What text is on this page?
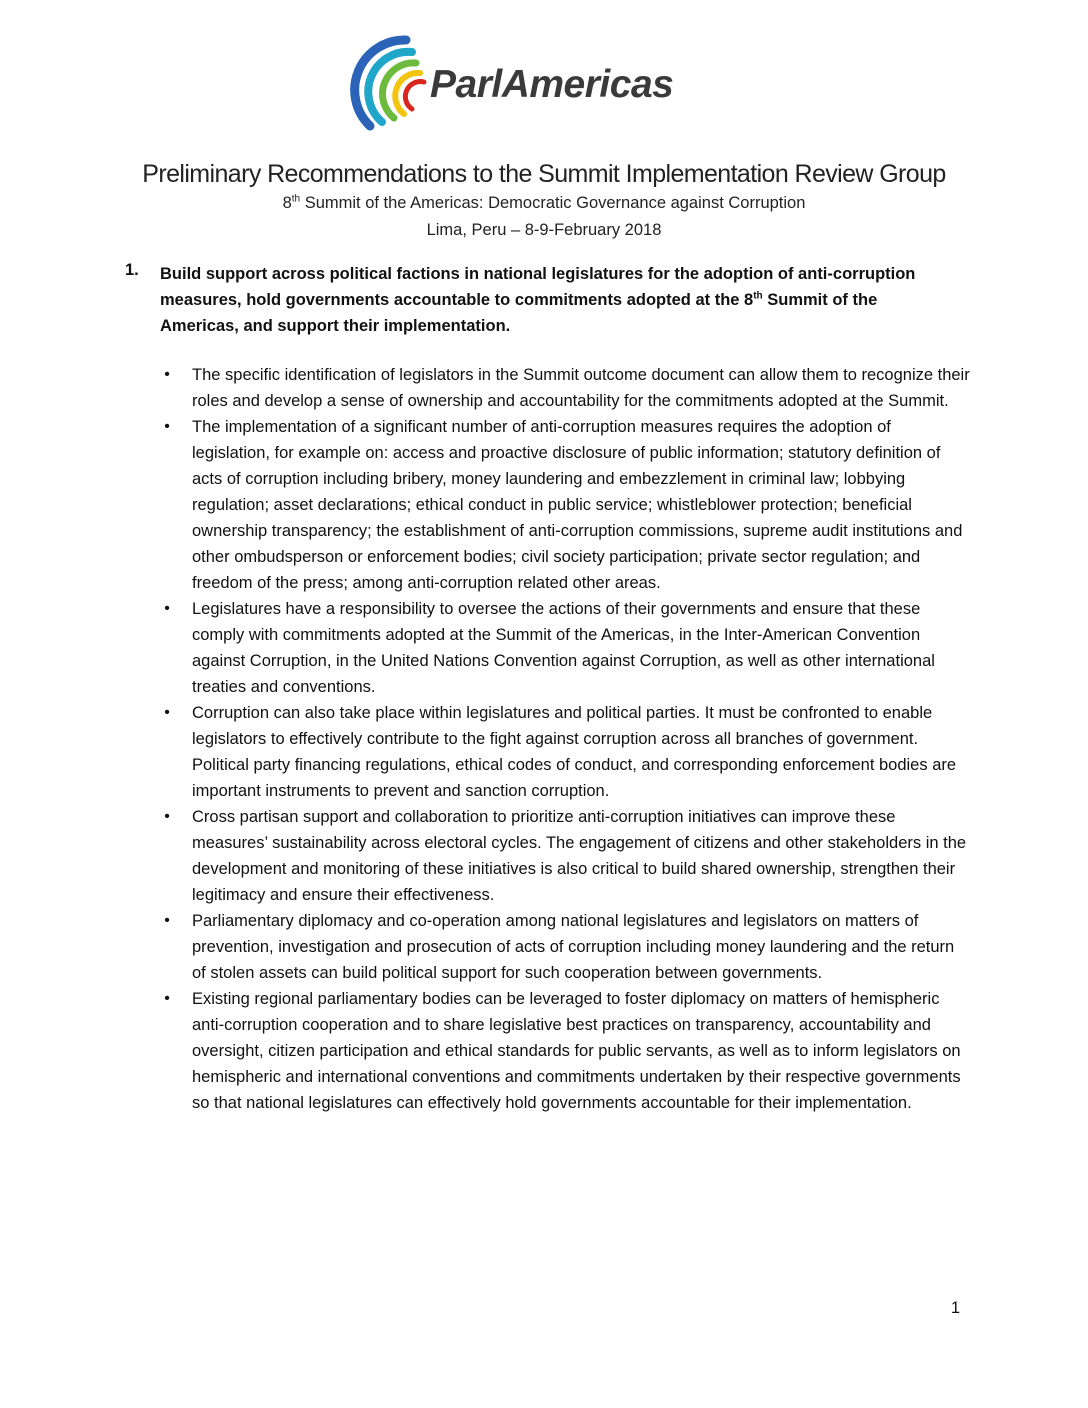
ParlAmericas
Preliminary Recommendations to the Summit Implementation Review Group
8th Summit of the Americas: Democratic Governance against Corruption
Lima, Peru – 8-9-February 2018
1. Build support across political factions in national legislatures for the adoption of anti-corruption measures, hold governments accountable to commitments adopted at the 8th Summit of the Americas, and support their implementation.
• The specific identification of legislators in the Summit outcome document can allow them to recognize their roles and develop a sense of ownership and accountability for the commitments adopted at the Summit.
• The implementation of a significant number of anti-corruption measures requires the adoption of legislation, for example on: access and proactive disclosure of public information; statutory definition of acts of corruption including bribery, money laundering and embezzlement in criminal law; lobbying regulation; asset declarations; ethical conduct in public service; whistleblower protection; beneficial ownership transparency; the establishment of anti-corruption commissions, supreme audit institutions and other ombudsperson or enforcement bodies; civil society participation; private sector regulation; and freedom of the press; among anti-corruption related other areas.
• Legislatures have a responsibility to oversee the actions of their governments and ensure that these comply with commitments adopted at the Summit of the Americas, in the Inter-American Convention against Corruption, in the United Nations Convention against Corruption, as well as other international treaties and conventions.
• Corruption can also take place within legislatures and political parties. It must be confronted to enable legislators to effectively contribute to the fight against corruption across all branches of government. Political party financing regulations, ethical codes of conduct, and corresponding enforcement bodies are important instruments to prevent and sanction corruption.
• Cross partisan support and collaboration to prioritize anti-corruption initiatives can improve these measures’ sustainability across electoral cycles. The engagement of citizens and other stakeholders in the development and monitoring of these initiatives is also critical to build shared ownership, strengthen their legitimacy and ensure their effectiveness.
• Parliamentary diplomacy and co-operation among national legislatures and legislators on matters of prevention, investigation and prosecution of acts of corruption including money laundering and the return of stolen assets can build political support for such cooperation between governments.
• Existing regional parliamentary bodies can be leveraged to foster diplomacy on matters of hemispheric anti-corruption cooperation and to share legislative best practices on transparency, accountability and oversight, citizen participation and ethical standards for public servants, as well as to inform legislators on hemispheric and international conventions and commitments undertaken by their respective governments so that national legislatures can effectively hold governments accountable for their implementation.
1
